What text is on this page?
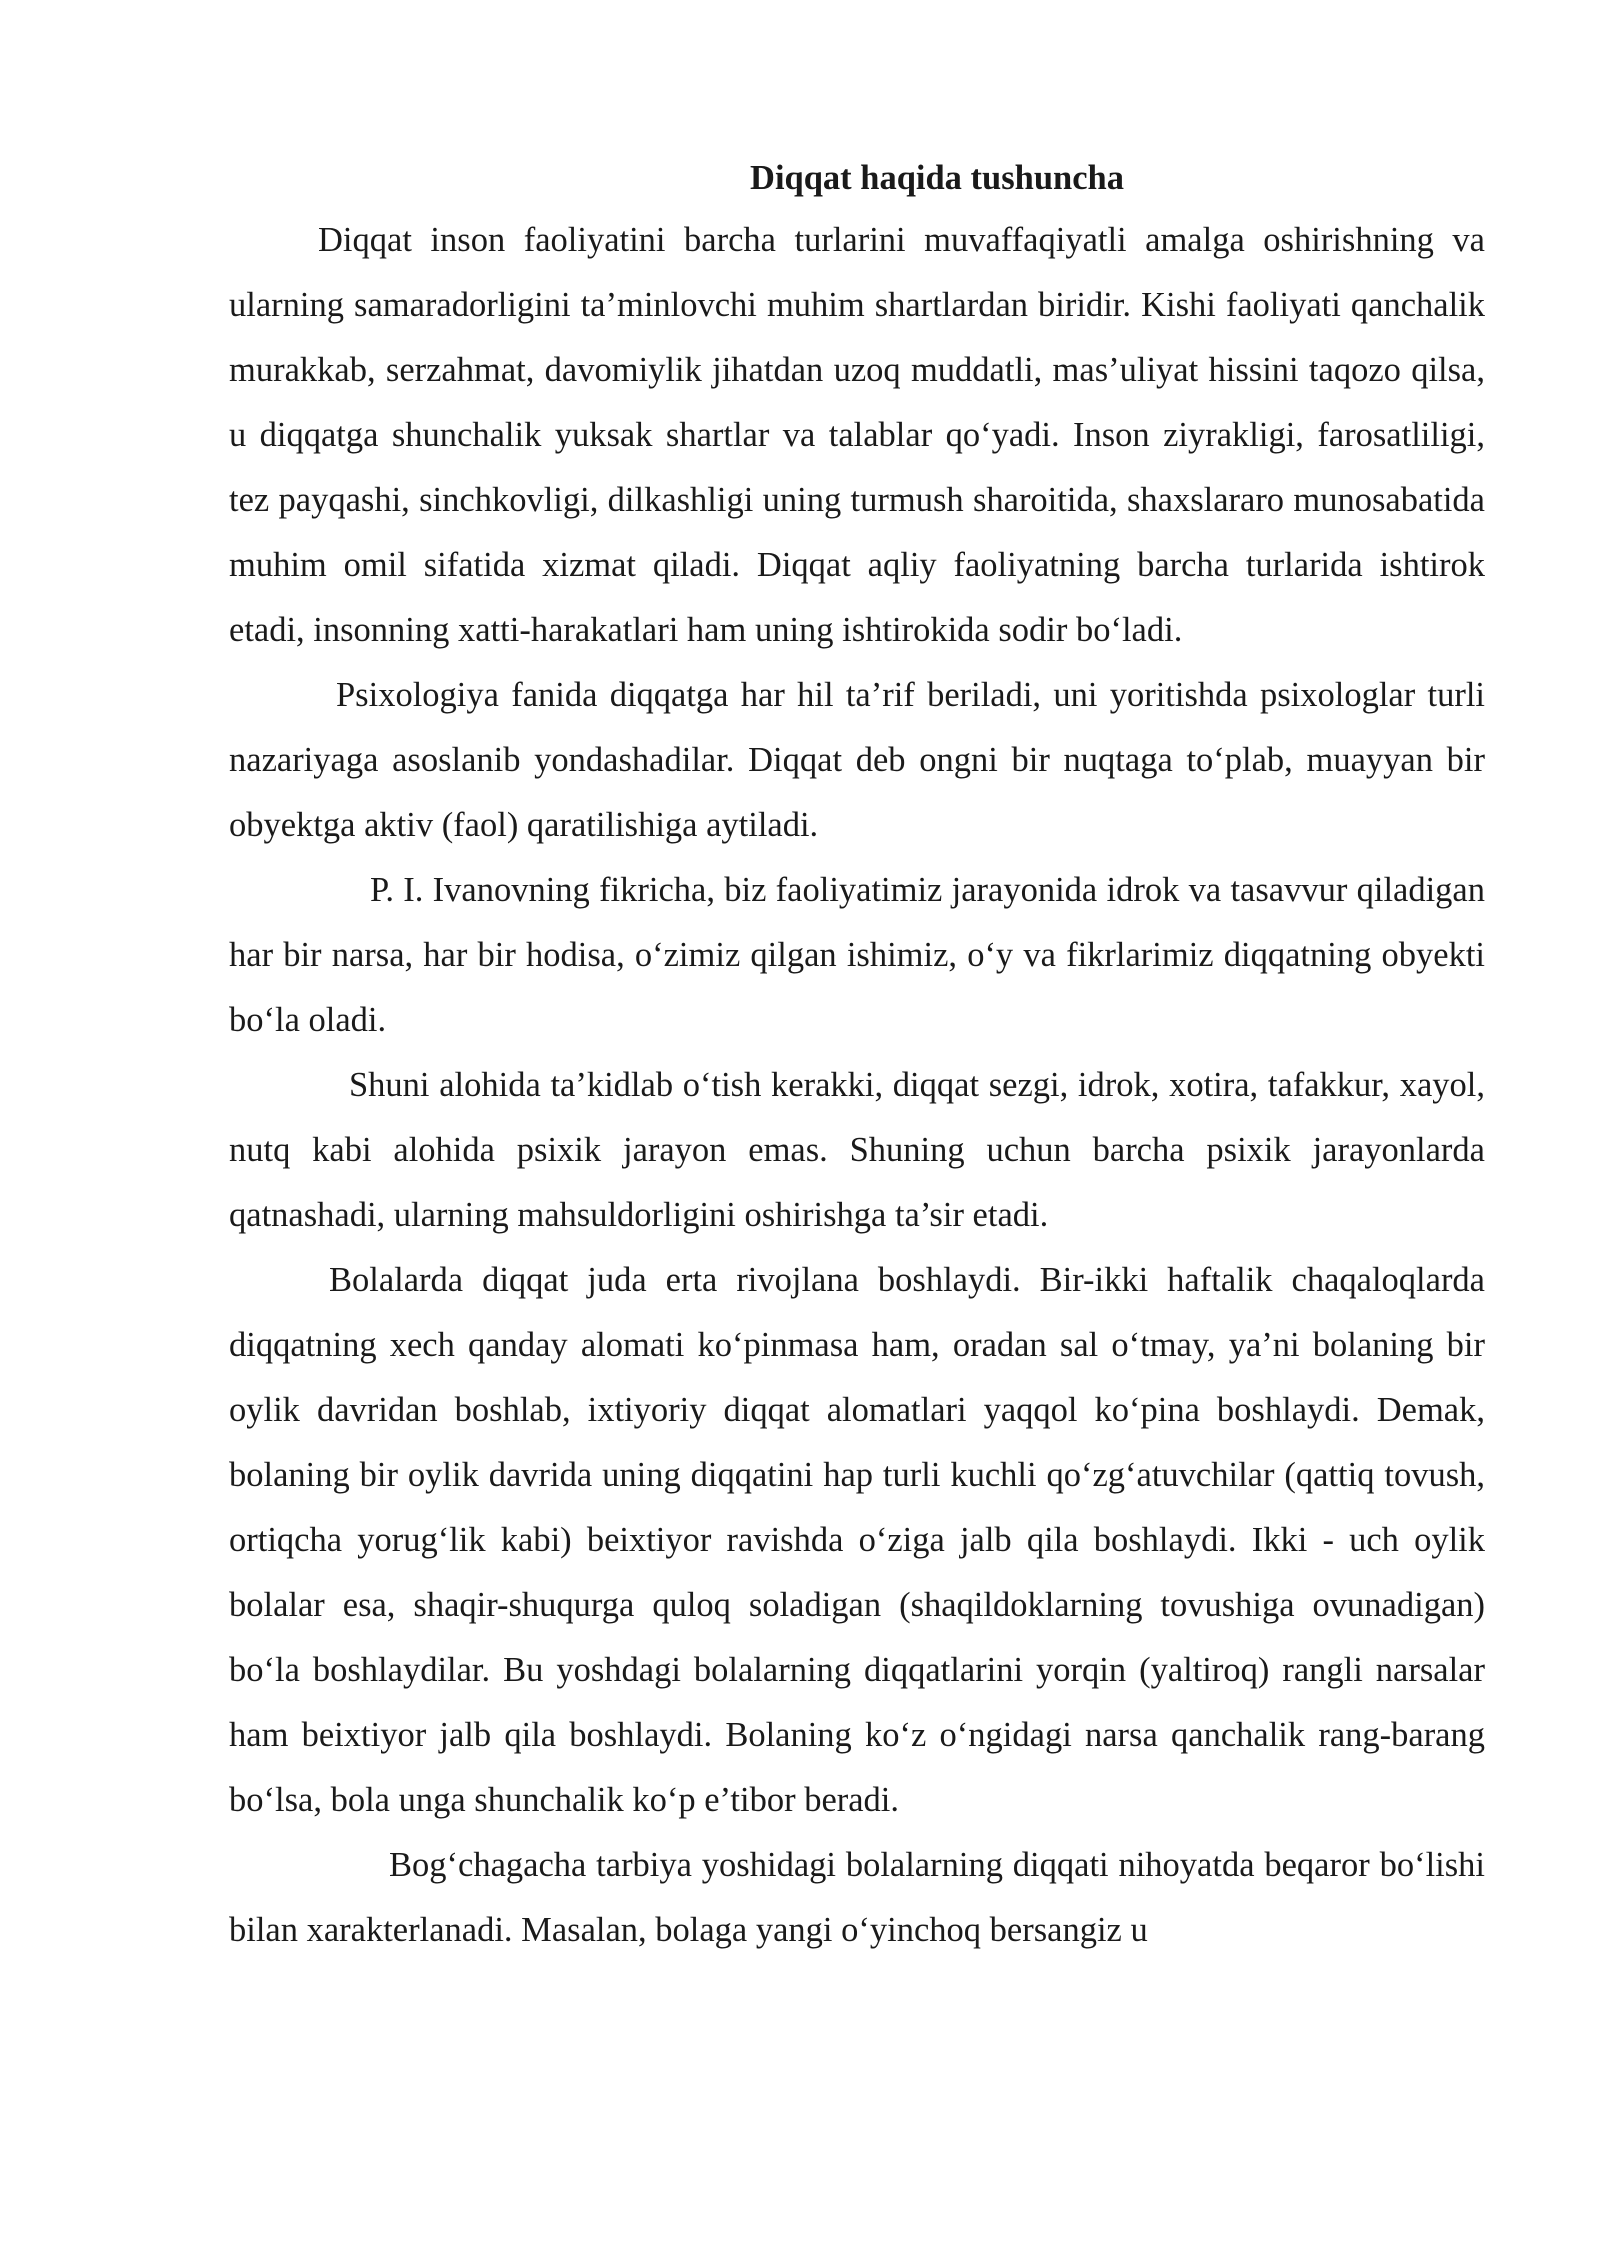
Diqqat haqida tushuncha

Diqqat inson faoliyatini barcha turlarini muvaffaqiyatli amalga oshirishning va ularning samaradorligini ta’minlovchi muhim shartlardan biridir. Kishi faoliyati qanchalik murakkab, serzahmat, davomiylik jihatdan uzoq muddatli, mas’uliyat hissini taqozo qilsa, u diqqatga shunchalik yuksak shartlar va talablar qo‘yadi. Inson ziyrakligi, farosatliligi, tez payqashi, sinchkovligi, dilkashligi uning turmush sharoitida, shaxslararo munosabatida muhim omil sifatida xizmat qiladi. Diqqat aqliy faoliyatning barcha turlarida ishtirok etadi, insonning xatti-harakatlari ham uning ishtirokida sodir bo‘ladi.

Psixologiya fanida diqqatga har hil ta’rif beriladi, uni yoritishda psixologlar turli nazariyaga asoslanib yondashadilar. Diqqat deb ongni bir nuqtaga to‘plab, muayyan bir obyektga aktiv (faol) qaratilishiga aytiladi.

P. I. Ivanovning fikricha, biz faoliyatimiz jarayonida idrok va tasavvur qiladigan har bir narsa, har bir hodisa, o‘zimiz qilgan ishimiz, o‘y va fikrlarimiz diqqatning obyekti bo‘la oladi.

Shuni alohida ta’kidlab o‘tish kerakki, diqqat sezgi, idrok, xotira, tafakkur, xayol, nutq kabi alohida psixik jarayon emas. Shuning uchun barcha psixik jarayonlarda qatnashadi, ularning mahsuldorligini oshirishga ta’sir etadi.

Bolalarda diqqat juda erta rivojlana boshlaydi. Bir-ikki haftalik chaqaloqlarda diqqatning xech qanday alomati ko‘pinmasa ham, oradan sal o‘tmay, ya’ni bolaning bir oylik davridan boshlab, ixtiyoriy diqqat alomatlari yaqqol ko‘pina boshlaydi. Demak, bolaning bir oylik davrida uning diqqatini hap turli kuchli qo‘zg‘atuvchilar (qattiq tovush, ortiqcha yorug‘lik kabi) beixtiyor ravishda o‘ziga jalb qila boshlaydi. Ikki - uch oylik bolalar esa, shaqir-shuqurga quloq soladigan (shaqildoklarning tovushiga ovunadigan) bo‘la boshlaydilar. Bu yoshdagi bolalarning diqqatlarini yorqin (yaltiroq) rangli narsalar ham beixtiyor jalb qila boshlaydi. Bolaning ko‘z o‘ngidagi narsa qanchalik rang-barang bo‘lsa, bola unga shunchalik ko‘p e’tibor beradi.

Bog‘chagacha tarbiya yoshidagi bolalarning diqqati nihoyatda beqaror bo‘lishi bilan xarakterlanadi. Masalan, bolaga yangi o‘yinchoq bersangiz u
